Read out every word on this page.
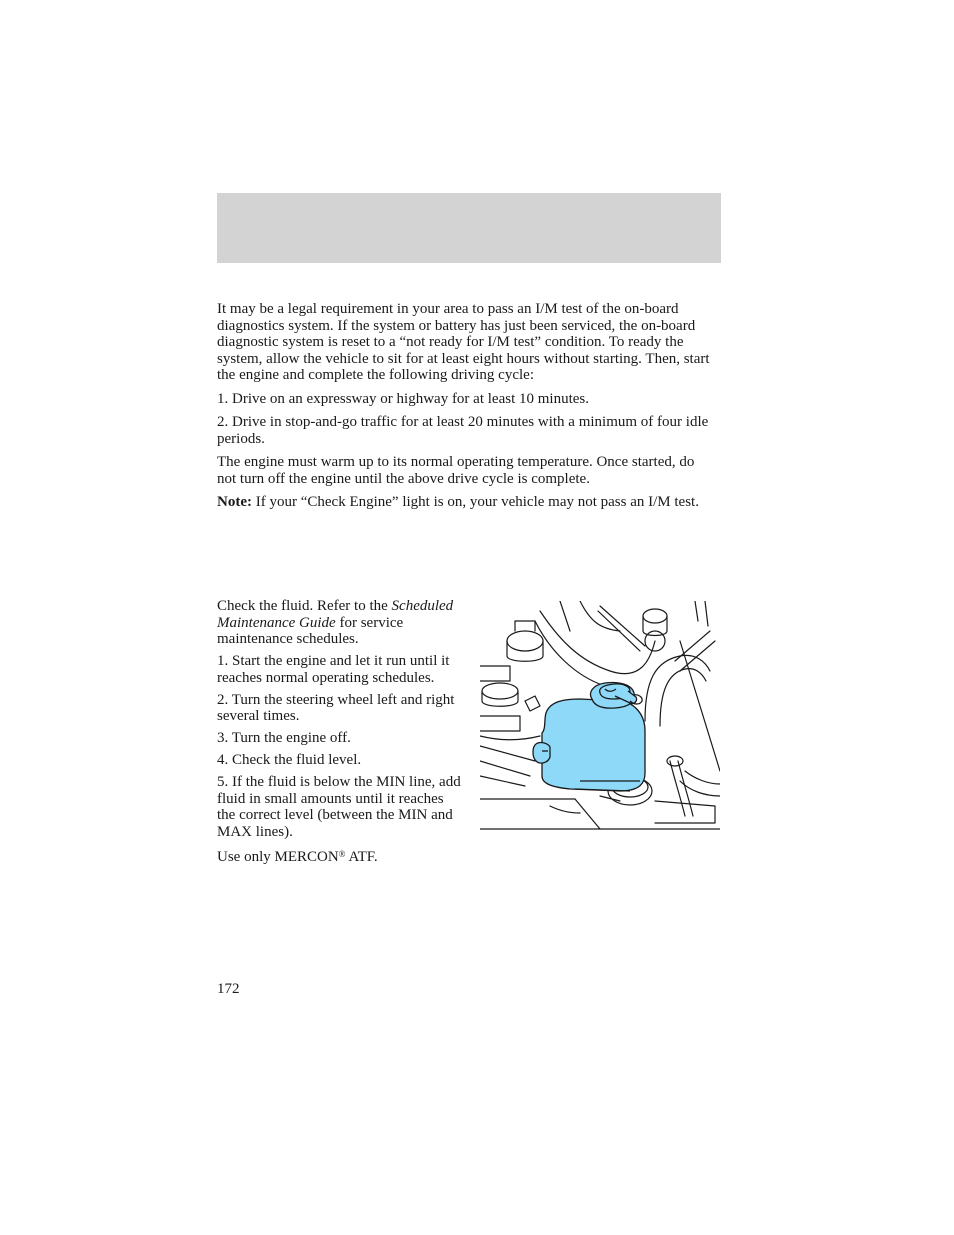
It may be a legal requirement in your area to pass an I/M test of the on-board diagnostics system. If the system or battery has just been serviced, the on-board diagnostic system is reset to a “not ready for I/M test” condition. To ready the system, allow the vehicle to sit for at least eight hours without starting. Then, start the engine and complete the following driving cycle:

1. Drive on an expressway or highway for at least 10 minutes.

2. Drive in stop-and-go traffic for at least 20 minutes with a minimum of four idle periods.

The engine must warm up to its normal operating temperature. Once started, do not turn off the engine until the above drive cycle is complete.

Note: If your “Check Engine” light is on, your vehicle may not pass an I/M test.

Check the fluid. Refer to the Scheduled Maintenance Guide for service maintenance schedules.

1. Start the engine and let it run until it reaches normal operating schedules.

2. Turn the steering wheel left and right several times.

3. Turn the engine off.

4. Check the fluid level.

5. If the fluid is below the MIN line, add fluid in small amounts until it reaches the correct level (between the MIN and MAX lines).

Use only MERCON® ATF.

172
